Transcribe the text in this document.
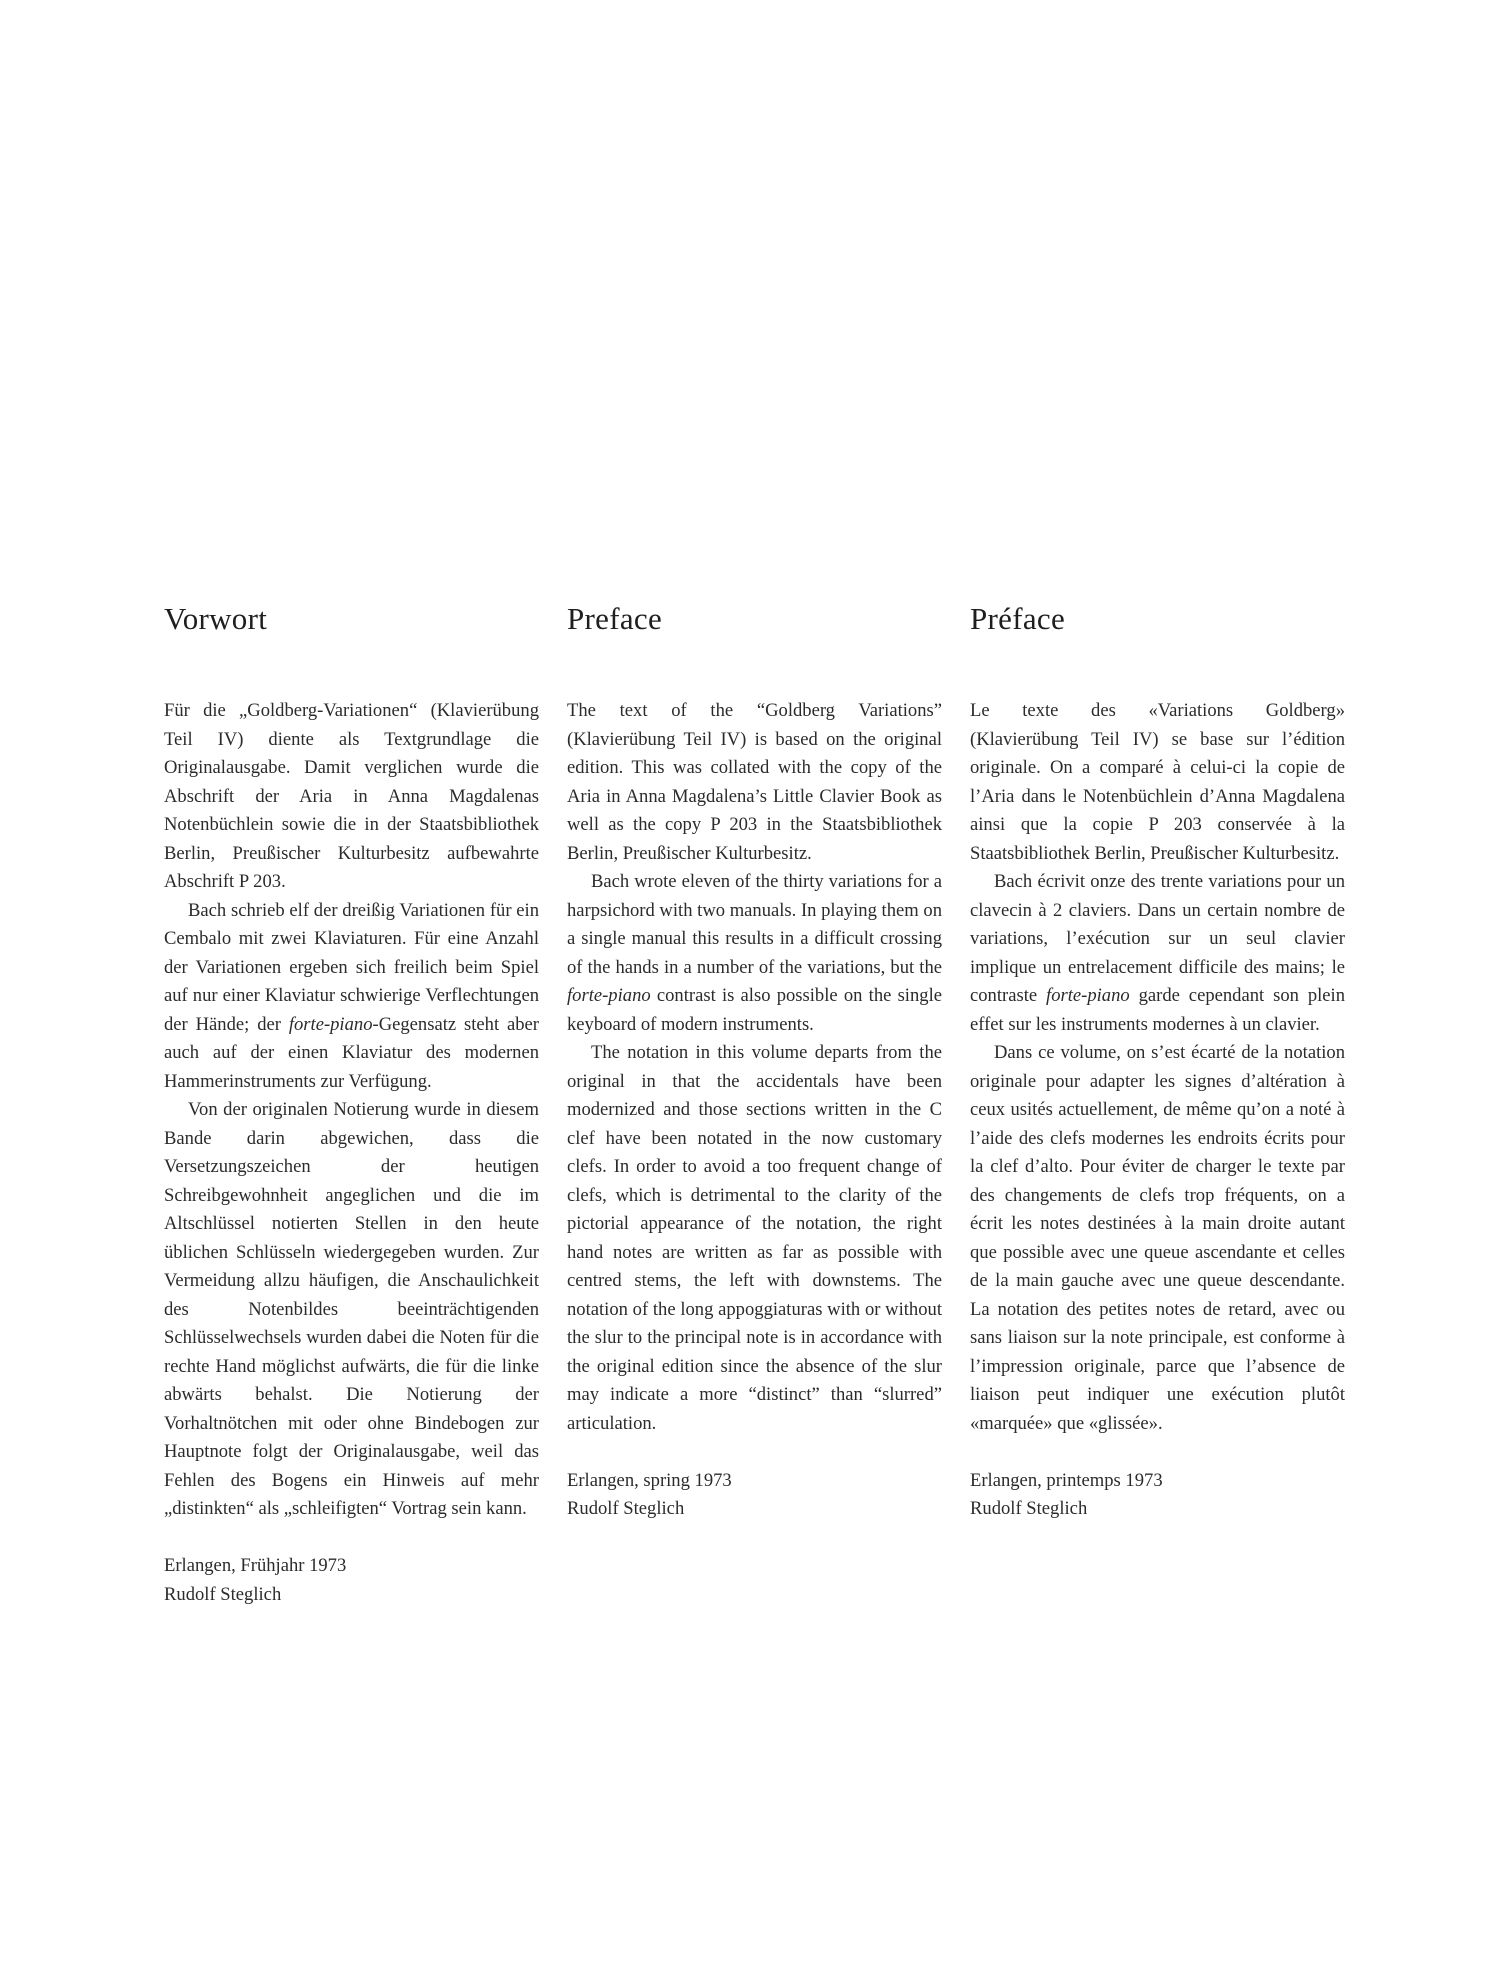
Vorwort

Für die „Goldberg-Variationen“ (Klavierübung Teil IV) diente als Textgrundlage die Originalausgabe. Damit verglichen wurde die Abschrift der Aria in Anna Magdalenas Notenbüchlein sowie die in der Staatsbibliothek Berlin, Preußischer Kulturbesitz aufbewahrte Abschrift P 203.

Bach schrieb elf der dreißig Variationen für ein Cembalo mit zwei Klaviaturen. Für eine Anzahl der Variationen ergeben sich freilich beim Spiel auf nur einer Klaviatur schwierige Verflechtungen der Hände; der forte-piano-Gegensatz steht aber auch auf der einen Klaviatur des modernen Hammerinstruments zur Verfügung.

Von der originalen Notierung wurde in diesem Bande darin abgewichen, dass die Versetzungszeichen der heutigen Schreibgewohnheit angeglichen und die im Altschlüssel notierten Stellen in den heute üblichen Schlüsseln wiedergegeben wurden. Zur Vermeidung allzu häufigen, die Anschaulichkeit des Notenbildes beeinträchtigenden Schlüsselwechsels wurden dabei die Noten für die rechte Hand möglichst aufwärts, die für die linke abwärts behalst. Die Notierung der Vorhaltnötchen mit oder ohne Bindebogen zur Hauptnote folgt der Originalausgabe, weil das Fehlen des Bogens ein Hinweis auf mehr „distinkten“ als „schleifigten“ Vortrag sein kann.

Erlangen, Frühjahr 1973
Rudolf Steglich
Preface

The text of the “Goldberg Variations” (Klavierübung Teil IV) is based on the original edition. This was collated with the copy of the Aria in Anna Magdalena’s Little Clavier Book as well as the copy P 203 in the Staatsbibliothek Berlin, Preußischer Kulturbesitz.

Bach wrote eleven of the thirty variations for a harpsichord with two manuals. In playing them on a single manual this results in a difficult crossing of the hands in a number of the variations, but the forte-piano contrast is also possible on the single keyboard of modern instruments.

The notation in this volume departs from the original in that the accidentals have been modernized and those sections written in the C clef have been notated in the now customary clefs. In order to avoid a too frequent change of clefs, which is detrimental to the clarity of the pictorial appearance of the notation, the right hand notes are written as far as possible with centred stems, the left with downstems. The notation of the long appoggiaturas with or without the slur to the principal note is in accordance with the original edition since the absence of the slur may indicate a more “distinct” than “slurred” articulation.

Erlangen, spring 1973
Rudolf Steglich
Préface

Le texte des «Variations Goldberg» (Klavierübung Teil IV) se base sur l’édition originale. On a comparé à celui-ci la copie de l’Aria dans le Notenbüchlein d’Anna Magdalena ainsi que la copie P 203 conservée à la Staatsbibliothek Berlin, Preußischer Kulturbesitz.

Bach écrivit onze des trente variations pour un clavecin à 2 claviers. Dans un certain nombre de variations, l’exécution sur un seul clavier implique un entrelacement difficile des mains; le contraste forte-piano garde cependant son plein effet sur les instruments modernes à un clavier.

Dans ce volume, on s’est écarté de la notation originale pour adapter les signes d’altération à ceux usités actuellement, de même qu’on a noté à l’aide des clefs modernes les endroits écrits pour la clef d’alto. Pour éviter de charger le texte par des changements de clefs trop fréquents, on a écrit les notes destinées à la main droite autant que possible avec une queue ascendante et celles de la main gauche avec une queue descendante. La notation des petites notes de retard, avec ou sans liaison sur la note principale, est conforme à l’impression originale, parce que l’absence de liaison peut indiquer une exécution plutôt «marquée» que «glissée».

Erlangen, printemps 1973
Rudolf Steglich
